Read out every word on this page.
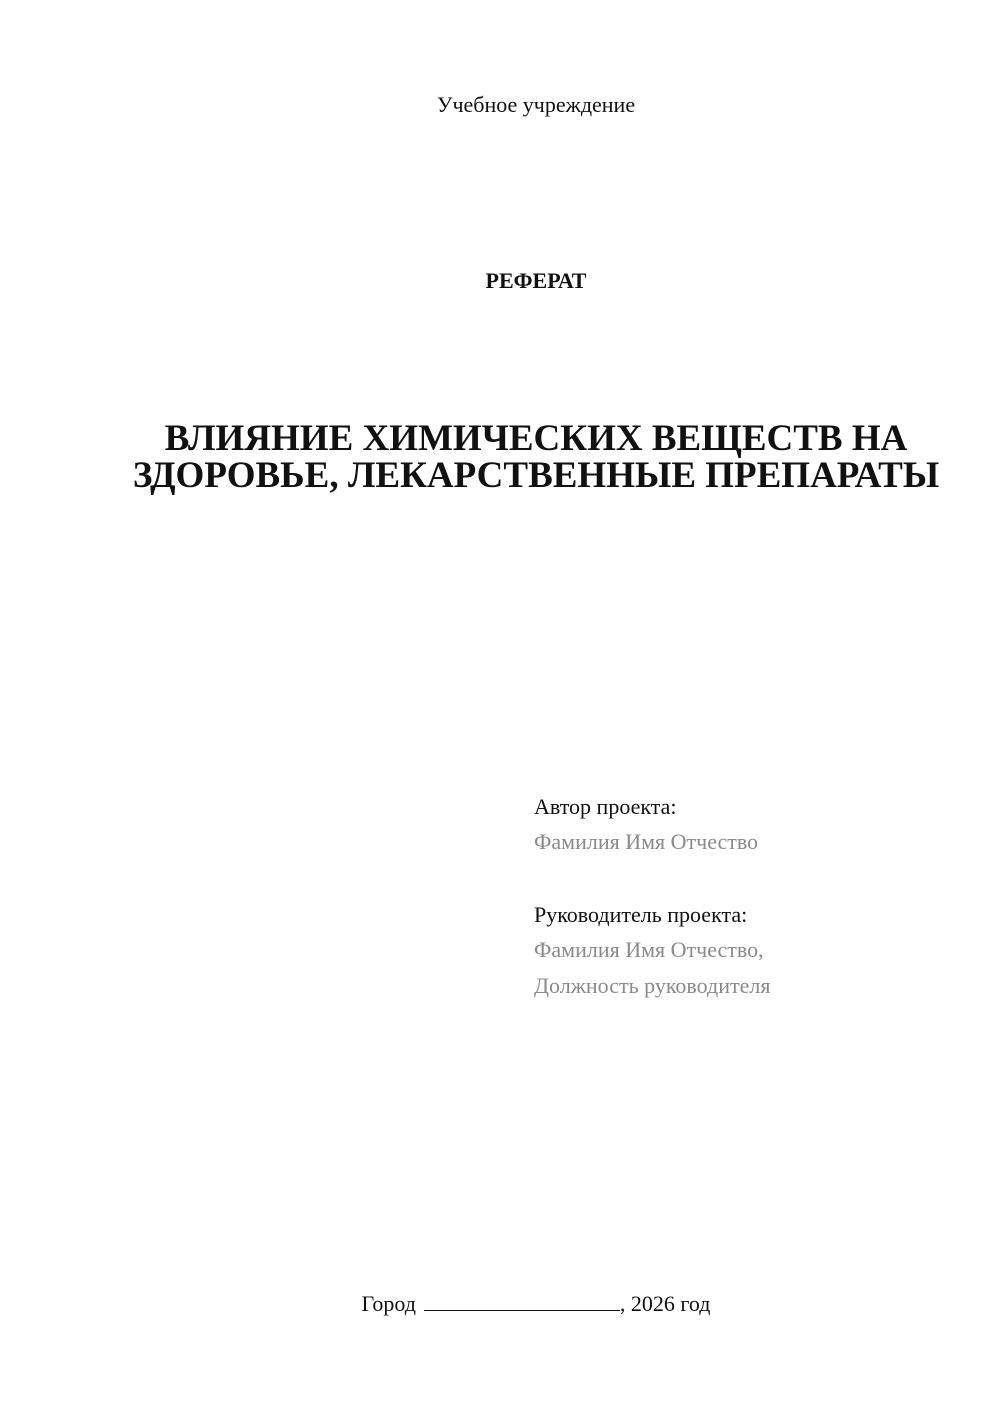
Учебное учреждение
РЕФЕРАТ
ВЛИЯНИЕ ХИМИЧЕСКИХ ВЕЩЕСТВ НА ЗДОРОВЬЕ, ЛЕКАРСТВЕННЫЕ ПРЕПАРАТЫ
Автор проекта:
Фамилия Имя Отчество
Руководитель проекта:
Фамилия Имя Отчество,
Должность руководителя
Город	, 2026 год
